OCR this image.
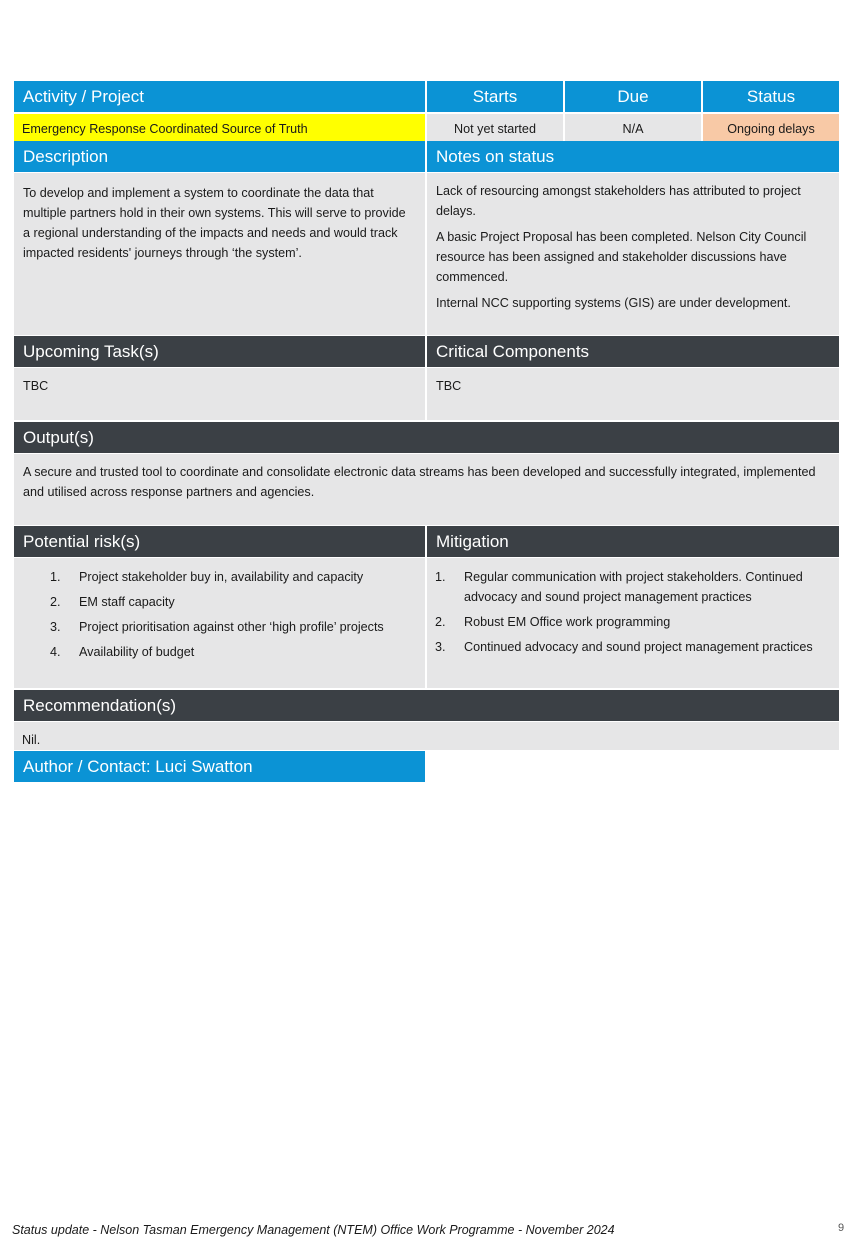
Activity / Project	Starts	Due	Status
Emergency Response Coordinated Source of Truth	Not yet started	N/A	Ongoing delays
Description	Notes on status
To develop and implement a system to coordinate the data that multiple partners hold in their own systems. This will serve to provide a regional understanding of the impacts and needs and would track impacted residents' journeys through ‘the system’.

Lack of resourcing amongst stakeholders has attributed to project delays.

A basic Project Proposal has been completed. Nelson City Council resource has been assigned and stakeholder discussions have commenced.

Internal NCC supporting systems (GIS) are under development.

Upcoming Task(s)	Critical Components
TBC	TBC
Output(s)
A secure and trusted tool to coordinate and consolidate electronic data streams has been developed and successfully integrated, implemented and utilised across response partners and agencies.
Potential risk(s)	Mitigation
1.	Project stakeholder buy in, availability and capacity
2.	EM staff capacity
3.	Project prioritisation against other ‘high profile’ projects
4.	Availability of budget
1.	Regular communication with project stakeholders. Continued advocacy and sound project management practices
2.	Robust EM Office work programming
3.	Continued advocacy and sound project management practices
Recommendation(s)
Nil.
Author / Contact: Luci Swatton
Status update - Nelson Tasman Emergency Management (NTEM) Office Work Programme - November 2024	9
